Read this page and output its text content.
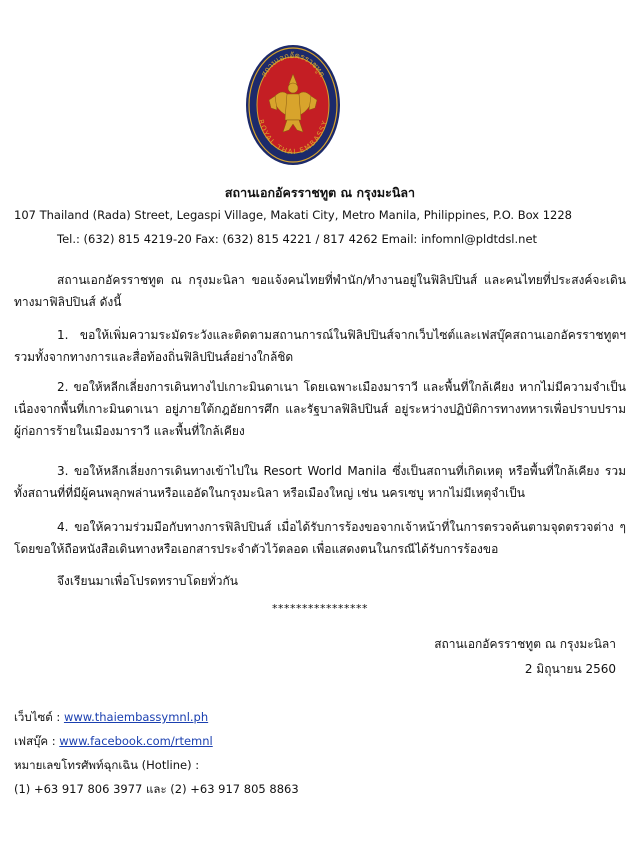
สถานเอกอัครราชทูต
ROYAL THAI EMBASSY
สถานเอกอัครราชทูต ณ กรุงมะนิลา
107 Thailand (Rada) Street, Legaspi Village, Makati City, Metro Manila, Philippines, P.O. Box 1228
Tel.: (632) 815 4219-20 Fax: (632) 815 4221 / 817 4262 Email: infomnl@pldtdsl.net
สถานเอกอัครราชทูต ณ กรุงมะนิลา ขอแจ้งคนไทยที่พำนัก/ทำงานอยู่ในฟิลิปปินส์ และคนไทยที่ประสงค์จะเดินทางมาฟิลิปปินส์ ดังนี้
1. ขอให้เพิ่มความระมัดระวังและติดตามสถานการณ์ในฟิลิปปินส์จากเว็บไซต์และเฟสบุ๊คสถานเอกอัครราชทูตฯ รวมทั้งจากทางการและสื่อท้องถิ่นฟิลิปปินส์อย่างใกล้ชิด
2. ขอให้หลีกเลี่ยงการเดินทางไปเกาะมินดาเนา โดยเฉพาะเมืองมาราวี และพื้นที่ใกล้เคียง หากไม่มีความจำเป็น เนื่องจากพื้นที่เกาะมินดาเนา อยู่ภายใต้กฎอัยการศึก และรัฐบาลฟิลิปปินส์ อยู่ระหว่างปฏิบัติการทางทหารเพื่อปราบปรามผู้ก่อการร้ายในเมืองมาราวี และพื้นที่ใกล้เคียง
3. ขอให้หลีกเลี่ยงการเดินทางเข้าไปใน Resort World Manila ซึ่งเป็นสถานที่เกิดเหตุ หรือพื้นที่ใกล้เคียง รวมทั้งสถานที่ที่มีผู้คนพลุกพล่านหรือแออัดในกรุงมะนิลา หรือเมืองใหญ่ เช่น นครเซบู หากไม่มีเหตุจำเป็น
4. ขอให้ความร่วมมือกับทางการฟิลิปปินส์ เมื่อได้รับการร้องขอจากเจ้าหน้าที่ในการตรวจค้นตามจุดตรวจต่าง ๆ โดยขอให้ถือหนังสือเดินทางหรือเอกสารประจำตัวไว้ตลอด เพื่อแสดงตนในกรณีได้รับการร้องขอ
จึงเรียนมาเพื่อโปรดทราบโดยทั่วกัน
****************
สถานเอกอัครราชทูต ณ กรุงมะนิลา
2 มิถุนายน 2560
เว็บไซต์ : www.thaiembassymnl.ph
เฟสบุ๊ค : www.facebook.com/rtemnl
หมายเลขโทรศัพท์ฉุกเฉิน (Hotline) :
(1) +63 917 806 3977 และ (2) +63 917 805 8863
